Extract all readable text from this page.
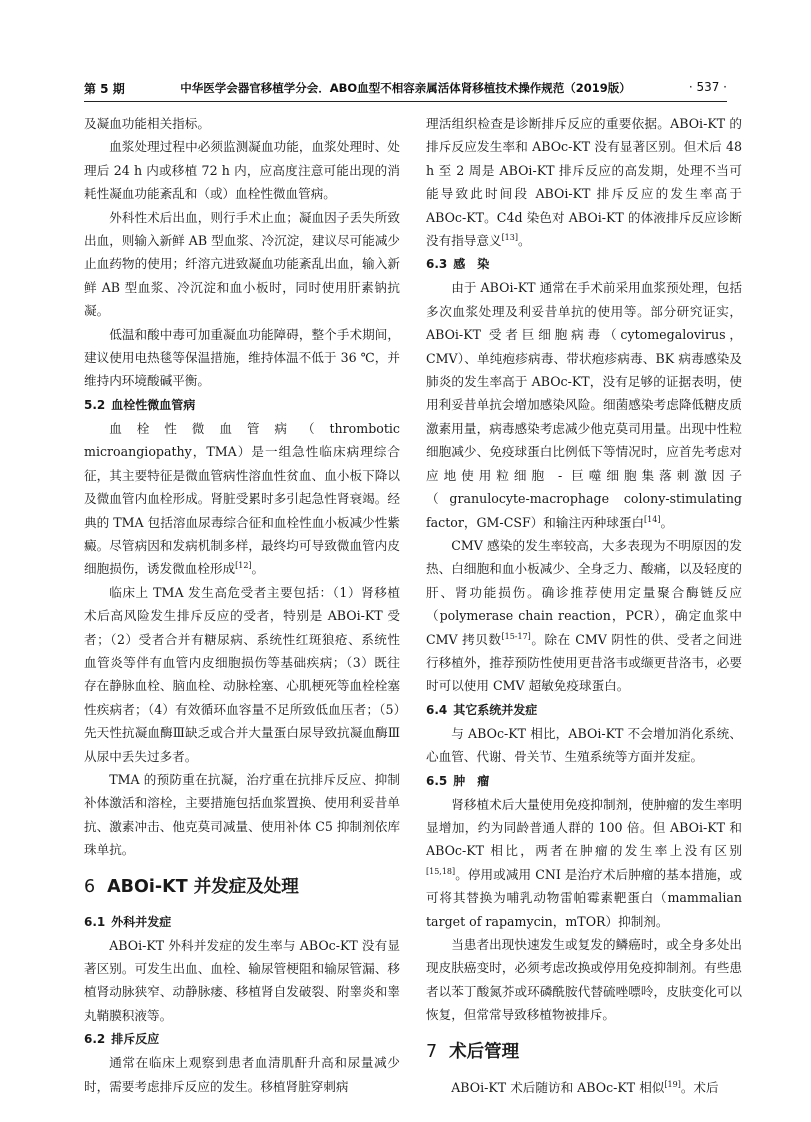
第 5 期	中华医学会器官移植学分会．ABO血型不相容亲属活体肾移植技术操作规范（2019版）	· 537 ·

及凝血功能相关指标。

血浆处理过程中必须监测凝血功能，血浆处理时、处理后 24 h 内或移植 72 h 内，应高度注意可能出现的消耗性凝血功能紊乱和（或）血栓性微血管病。

外科性术后出血，则行手术止血；凝血因子丢失所致出血，则输入新鲜 AB 型血浆、冷沉淀，建议尽可能减少止血药物的使用；纤溶亢进致凝血功能紊乱出血，输入新鲜 AB 型血浆、冷沉淀和血小板时，同时使用肝素钠抗凝。

低温和酸中毒可加重凝血功能障碍，整个手术期间，建议使用电热毯等保温措施，维持体温不低于 36 ℃，并维持内环境酸碱平衡。

5.2 血栓性微血管病

血栓性微血管病（thrombotic microangiopathy，TMA）是一组急性临床病理综合征，其主要特征是微血管病性溶血性贫血、血小板下降以及微血管内血栓形成。肾脏受累时多引起急性肾衰竭。经典的 TMA 包括溶血尿毒综合征和血栓性血小板减少性紫癜。尽管病因和发病机制多样，最终均可导致微血管内皮细胞损伤，诱发微血栓形成[12]。

临床上 TMA 发生高危受者主要包括：（1）肾移植术后高风险发生排斥反应的受者，特别是 ABOi-KT 受者；（2）受者合并有糖尿病、系统性红斑狼疮、系统性血管炎等伴有血管内皮细胞损伤等基础疾病；（3）既往存在静脉血栓、脑血栓、动脉栓塞、心肌梗死等血栓栓塞性疾病者；（4）有效循环血容量不足所致低血压者；（5）先天性抗凝血酶Ⅲ缺乏或合并大量蛋白尿导致抗凝血酶Ⅲ从尿中丢失过多者。

TMA 的预防重在抗凝，治疗重在抗排斥反应、抑制补体激活和溶栓，主要措施包括血浆置换、使用利妥昔单抗、激素冲击、他克莫司减量、使用补体 C5 抑制剂依库珠单抗。

6 ABOi-KT 并发症及处理
6.1 外科并发症

ABOi-KT 外科并发症的发生率与 ABOc-KT 没有显著区别。可发生出血、血栓、输尿管梗阻和输尿管漏、移植肾动脉狭窄、动静脉瘘、移植肾自发破裂、附睾炎和睾丸鞘膜积液等。

6.2 排斥反应

通常在临床上观察到患者血清肌酐升高和尿量减少时，需要考虑排斥反应的发生。移植肾脏穿刺病

理活组织检查是诊断排斥反应的重要依据。ABOi-KT 的排斥反应发生率和 ABOc-KT 没有显著区别。但术后 48 h 至 2 周是 ABOi-KT 排斥反应的高发期，处理不当可能导致此时间段 ABOi-KT 排斥反应的发生率高于 ABOc-KT。C4d 染色对 ABOi-KT 的体液排斥反应诊断没有指导意义[13]。

6.3 感　染

由于 ABOi-KT 通常在手术前采用血浆预处理，包括多次血浆处理及利妥昔单抗的使用等。部分研究证实，ABOi-KT 受者巨细胞病毒（cytomegalovirus，CMV）、单纯疱疹病毒、带状疱疹病毒、BK 病毒感染及肺炎的发生率高于 ABOc-KT，没有足够的证据表明，使用利妥昔单抗会增加感染风险。细菌感染考虑降低糖皮质激素用量，病毒感染考虑减少他克莫司用量。出现中性粒细胞减少、免疫球蛋白比例低下等情况时，应首先考虑对应地使用粒细胞 - 巨噬细胞集落刺激因子（granulocyte-macrophage colony-stimulating factor，GM-CSF）和输注丙种球蛋白[14]。

CMV 感染的发生率较高，大多表现为不明原因的发热、白细胞和血小板减少、全身乏力、酸痛，以及轻度的肝、肾功能损伤。确诊推荐使用定量聚合酶链反应（polymerase chain reaction，PCR），确定血浆中 CMV 拷贝数[15-17]。除在 CMV 阴性的供、受者之间进行移植外，推荐预防性使用更昔洛韦或缬更昔洛韦，必要时可以使用 CMV 超敏免疫球蛋白。

6.4 其它系统并发症

与 ABOc-KT 相比，ABOi-KT 不会增加消化系统、心血管、代谢、骨关节、生殖系统等方面并发症。

6.5 肿　瘤

肾移植术后大量使用免疫抑制剂，使肿瘤的发生率明显增加，约为同龄普通人群的 100 倍。但 ABOi-KT 和 ABOc-KT 相比，两者在肿瘤的发生率上没有区别[15,18]。停用或减用 CNI 是治疗术后肿瘤的基本措施，或可将其替换为哺乳动物雷帕霉素靶蛋白（mammalian target of rapamycin，mTOR）抑制剂。

当患者出现快速发生或复发的鳞癌时，或全身多处出现皮肤癌变时，必须考虑改换或停用免疫抑制剂。有些患者以苯丁酸氮芥或环磷酰胺代替硫唑嘌呤，皮肤变化可以恢复，但常常导致移植物被排斥。

7 术后管理

ABOi-KT 术后随访和 ABOc-KT 相似[19]。术后
